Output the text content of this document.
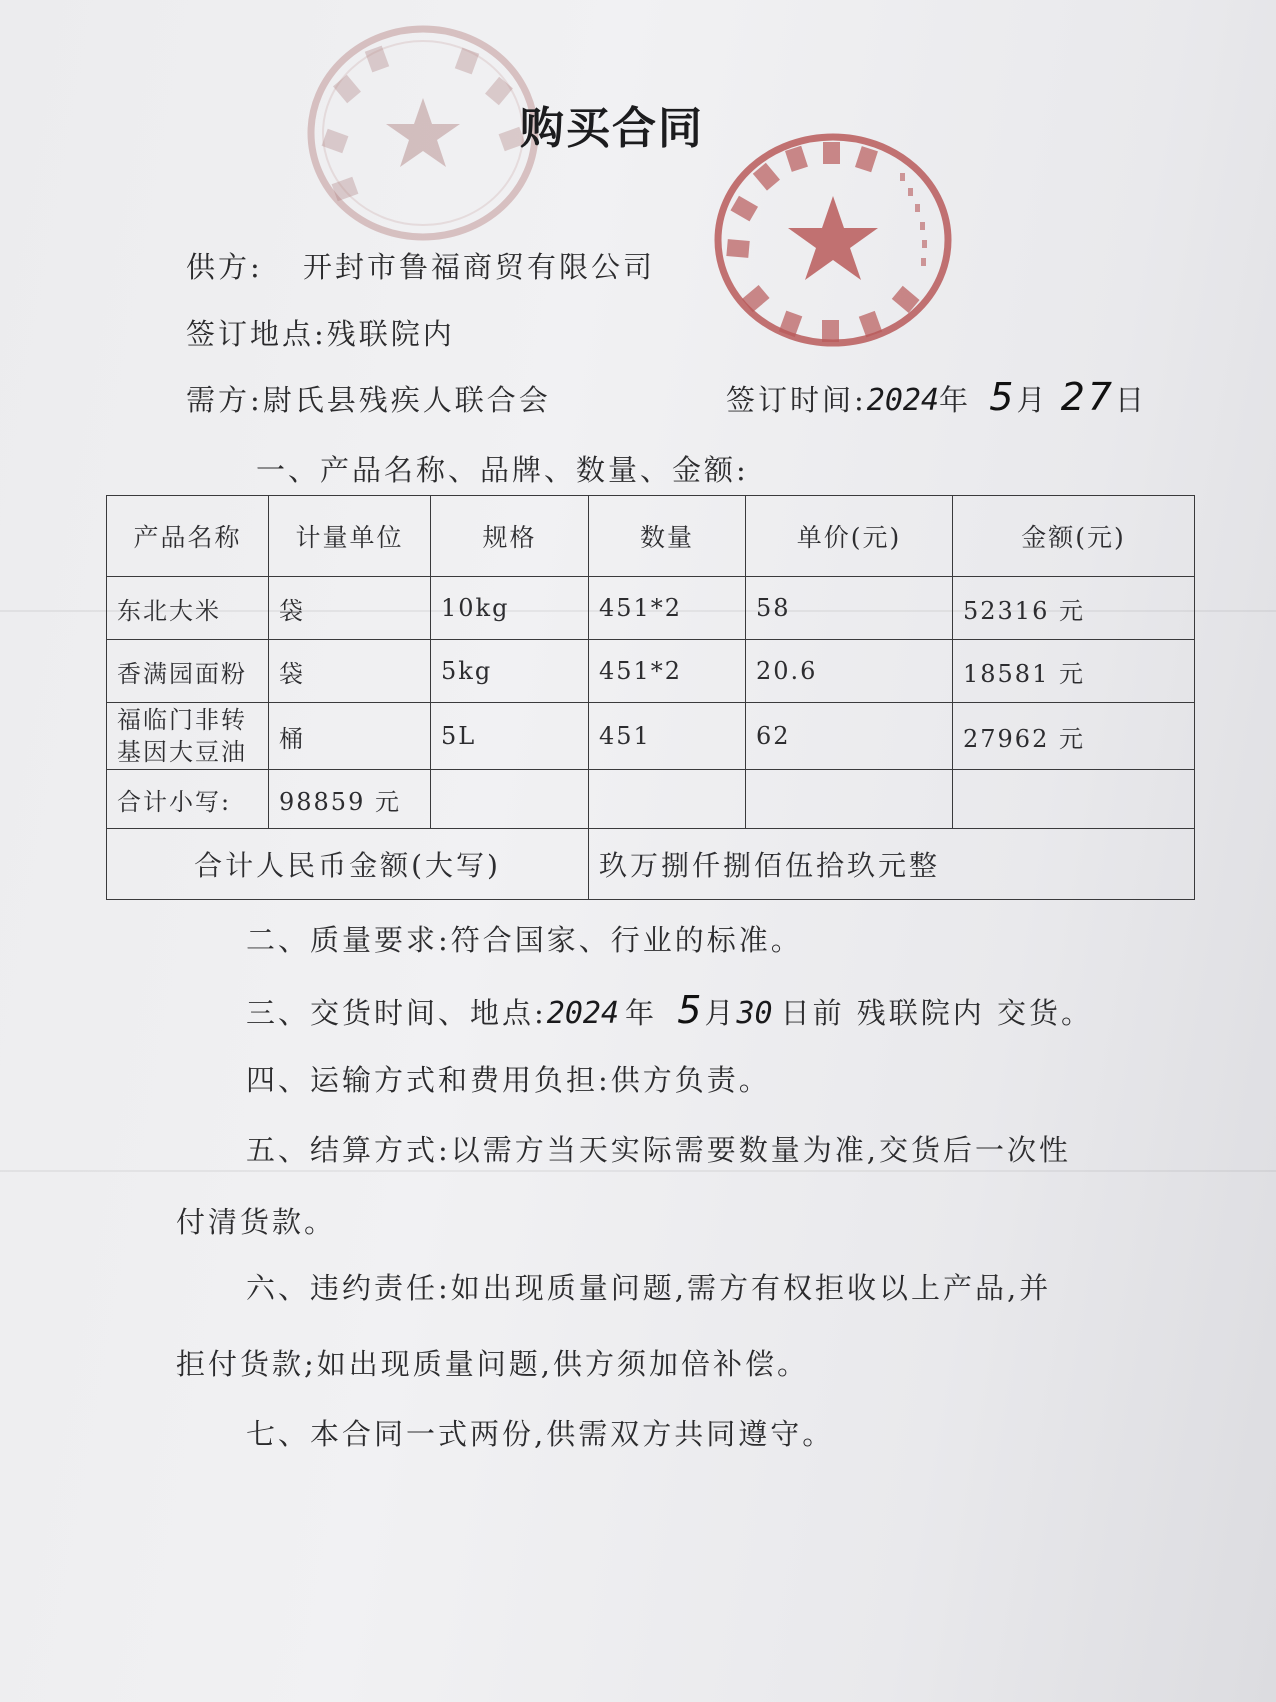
购买合同
供方: 开封市鲁福商贸有限公司
签订地点:残联院内
需方:尉氏县残疾人联合会	签订时间:2024年 5月 27日
一、产品名称、品牌、数量、金额:
产品名称	计量单位	规格	数量	单价(元)	金额(元)
东北大米	袋	10kg	451*2	58	52316 元
香满园面粉	袋	5kg	451*2	20.6	18581 元
福临门非转基因大豆油	桶	5L	451	62	27962 元
合计小写:	98859 元				
合计人民币金额(大写)			玖万捌仟捌佰伍拾玖元整		
二、质量要求:符合国家、行业的标准。
三、交货时间、地点:2024 年 5月30 日前 残联院内 交货。
四、运输方式和费用负担:供方负责。
五、结算方式:以需方当天实际需要数量为准,交货后一次性
付清货款。
六、违约责任:如出现质量问题,需方有权拒收以上产品,并
拒付货款;如出现质量问题,供方须加倍补偿。
七、本合同一式两份,供需双方共同遵守。
